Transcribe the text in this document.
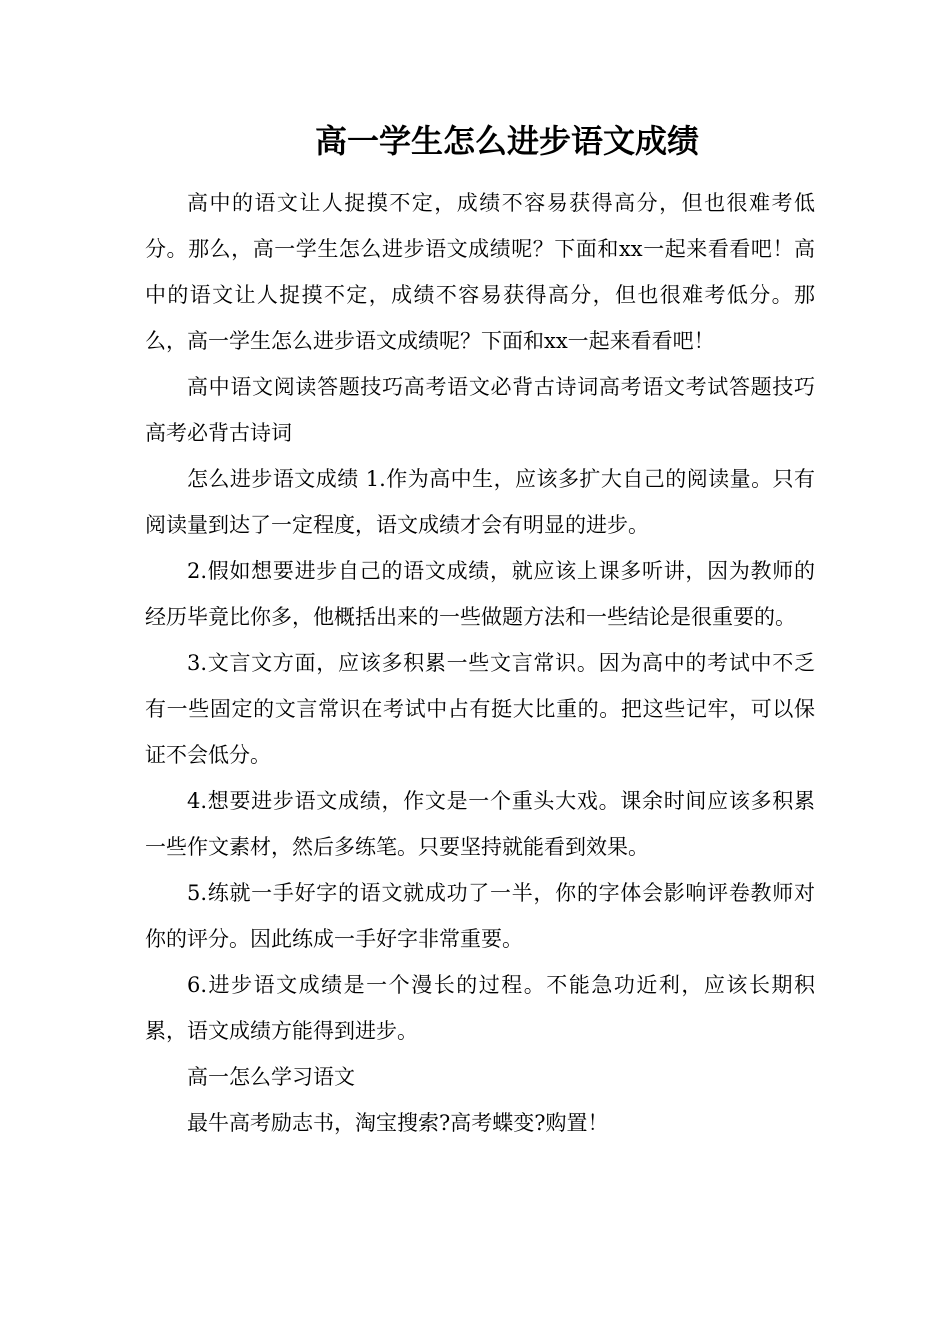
高一学生怎么进步语文成绩

高中的语文让人捉摸不定，成绩不容易获得高分，但也很难考低分。那么，高一学生怎么进步语文成绩呢？下面和xx一起来看看吧！高中的语文让人捉摸不定，成绩不容易获得高分，但也很难考低分。那么，高一学生怎么进步语文成绩呢？下面和xx一起来看看吧！

高中语文阅读答题技巧高考语文必背古诗词高考语文考试答题技巧高考必背古诗词

怎么进步语文成绩 1.作为高中生，应该多扩大自己的阅读量。只有阅读量到达了一定程度，语文成绩才会有明显的进步。

2.假如想要进步自己的语文成绩，就应该上课多听讲，因为教师的经历毕竟比你多，他概括出来的一些做题方法和一些结论是很重要的。

3.文言文方面，应该多积累一些文言常识。因为高中的考试中不乏有一些固定的文言常识在考试中占有挺大比重的。把这些记牢，可以保证不会低分。

4.想要进步语文成绩，作文是一个重头大戏。课余时间应该多积累一些作文素材，然后多练笔。只要坚持就能看到效果。

5.练就一手好字的语文就成功了一半，你的字体会影响评卷教师对你的评分。因此练成一手好字非常重要。

6.进步语文成绩是一个漫长的过程。不能急功近利，应该长期积累，语文成绩方能得到进步。

高一怎么学习语文

最牛高考励志书，淘宝搜索?高考蝶变?购置！
